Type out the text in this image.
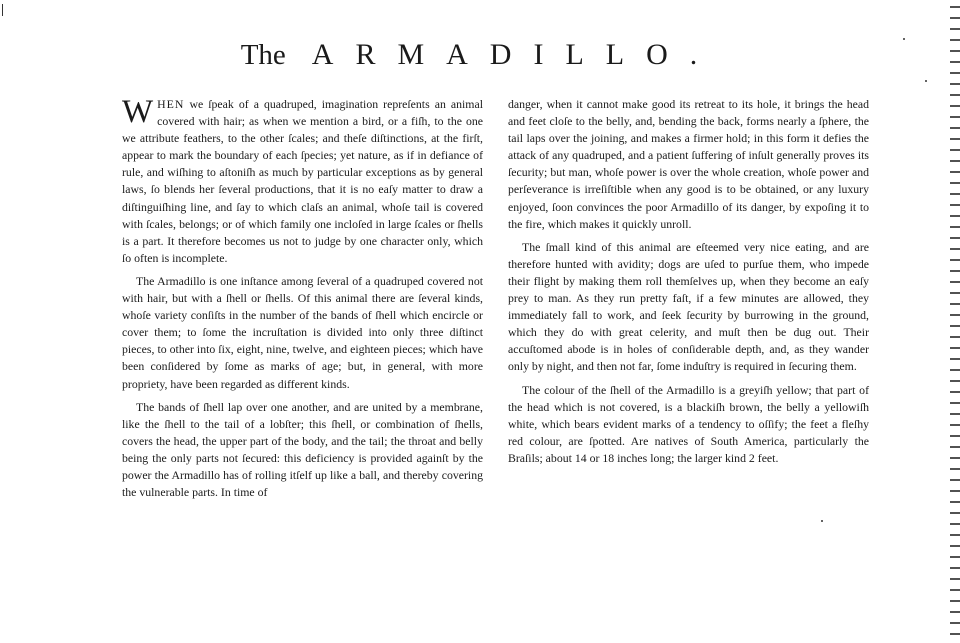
The ARMADILLO.

WHEN we ſpeak of a quadruped, imagination repreſents an animal covered with hair; as when we mention a bird, or a fiſh, to the one we attribute feathers, to the other ſcales; and theſe diſtinctions, at the firſt, appear to mark the boundary of each ſpecies; yet nature, as if in defiance of rule, and wiſhing to aſtoniſh as much by particular exceptions as by general laws, ſo blends her ſeveral productions, that it is no eaſy matter to draw a diſtinguiſhing line, and ſay to which claſs an animal, whoſe tail is covered with ſcales, belongs; or of which family one incloſed in large ſcales or ſhells is a part. It therefore becomes us not to judge by one character only, which ſo often is incomplete.

The Armadillo is one inſtance among ſeveral of a quadruped covered not with hair, but with a ſhell or ſhells. Of this animal there are ſeveral kinds, whoſe variety conſiſts in the number of the bands of ſhell which encircle or cover them; to ſome the incruſtation is divided into only three diſtinct pieces, to other into ſix, eight, nine, twelve, and eighteen pieces; which have been conſidered by ſome as marks of age; but, in general, with more propriety, have been regarded as different kinds.

The bands of ſhell lap over one another, and are united by a membrane, like the ſhell to the tail of a lobſter; this ſhell, or combination of ſhells, covers the head, the upper part of the body, and the tail; the throat and belly being the only parts not ſecured: this deficiency is provided againſt by the power the Armadillo has of rolling itſelf up like a ball, and thereby covering the vulnerable parts. In time of

danger, when it cannot make good its retreat to its hole, it brings the head and feet cloſe to the belly, and, bending the back, forms nearly a ſphere, the tail laps over the joining, and makes a firmer hold; in this form it defies the attack of any quadruped, and a patient ſuffering of inſult generally proves its ſecurity; but man, whoſe power is over the whole creation, whoſe power and perſeverance is irreſiſtible when any good is to be obtained, or any luxury enjoyed, ſoon convinces the poor Armadillo of its danger, by expoſing it to the fire, which makes it quickly unroll.

The ſmall kind of this animal are eſteemed very nice eating, and are therefore hunted with avidity; dogs are uſed to purſue them, who impede their flight by making them roll themſelves up, when they become an eaſy prey to man. As they run pretty faſt, if a few minutes are allowed, they immediately fall to work, and ſeek ſecurity by burrowing in the ground, which they do with great celerity, and muſt then be dug out. Their accuſtomed abode is in holes of conſiderable depth, and, as they wander only by night, and then not far, ſome induſtry is required in ſecuring them.

The colour of the ſhell of the Armadillo is a greyiſh yellow; that part of the head which is not covered, is a blackiſh brown, the belly a yellowiſh white, which bears evident marks of a tendency to oſſify; the feet a fleſhy red colour, are ſpotted. Are natives of South America, particularly the Braſils; about 14 or 18 inches long; the larger kind 2 feet.
